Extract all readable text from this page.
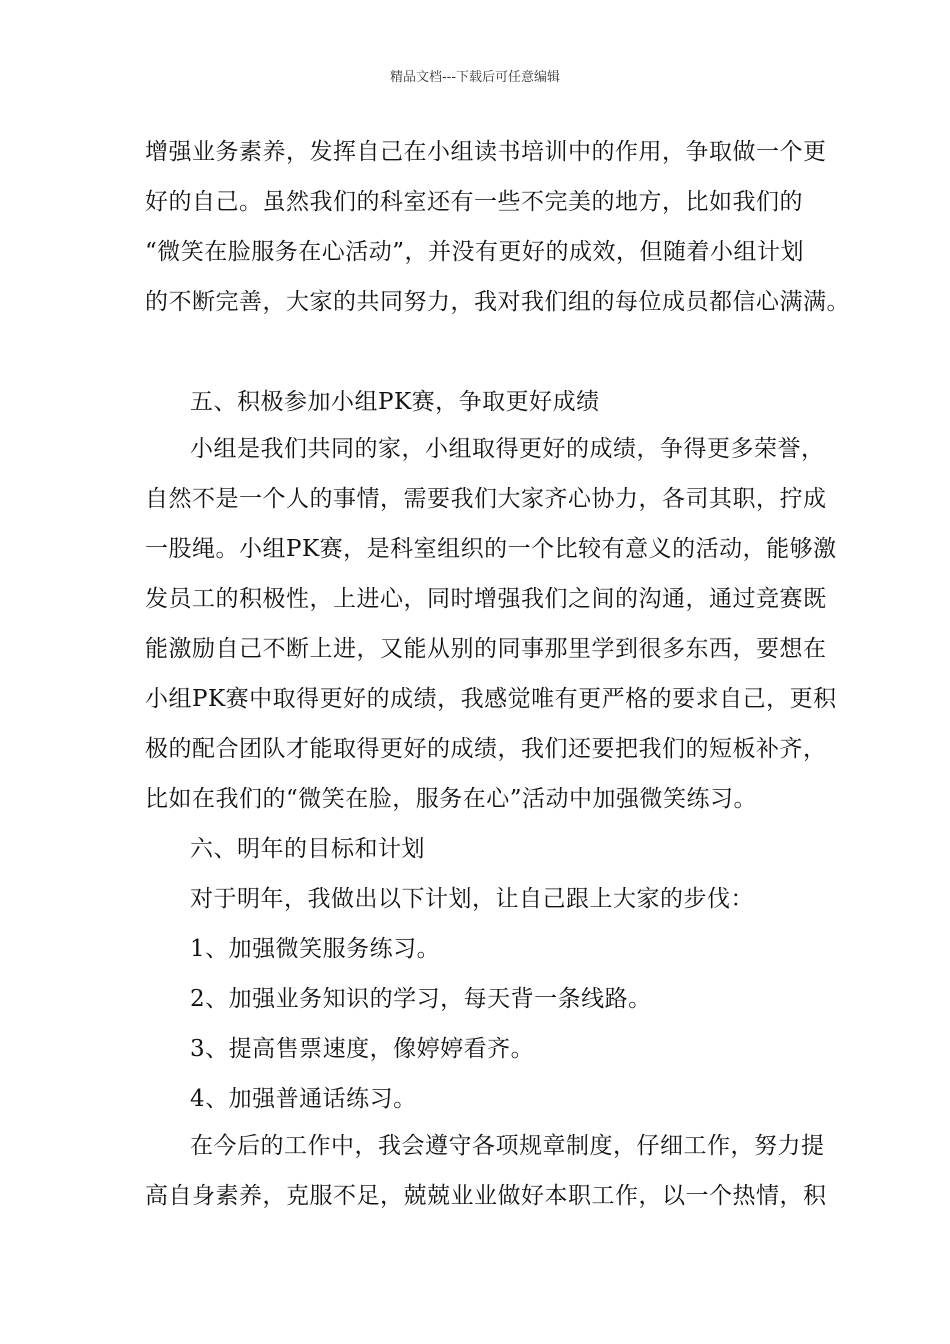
精品文档---下载后可任意编辑
增强业务素养，发挥自己在小组读书培训中的作用，争取做一个更
好的自己。虽然我们的科室还有一些不完美的地方，比如我们的
“微笑在脸服务在心活动”，并没有更好的成效，但随着小组计划
的不断完善，大家的共同努力，我对我们组的每位成员都信心满满。
五、积极参加小组PK赛，争取更好成绩
小组是我们共同的家，小组取得更好的成绩，争得更多荣誉，
自然不是一个人的事情，需要我们大家齐心协力，各司其职，拧成
一股绳。小组PK赛，是科室组织的一个比较有意义的活动，能够激
发员工的积极性，上进心，同时增强我们之间的沟通，通过竞赛既
能激励自己不断上进，又能从别的同事那里学到很多东西，要想在
小组PK赛中取得更好的成绩，我感觉唯有更严格的要求自己，更积
极的配合团队才能取得更好的成绩，我们还要把我们的短板补齐，
比如在我们的“微笑在脸，服务在心”活动中加强微笑练习。
六、明年的目标和计划
对于明年，我做出以下计划，让自己跟上大家的步伐：
1、加强微笑服务练习。
2、加强业务知识的学习，每天背一条线路。
3、提高售票速度，像婷婷看齐。
4、加强普通话练习。
在今后的工作中，我会遵守各项规章制度，仔细工作，努力提
高自身素养，克服不足，兢兢业业做好本职工作，以一个热情，积
